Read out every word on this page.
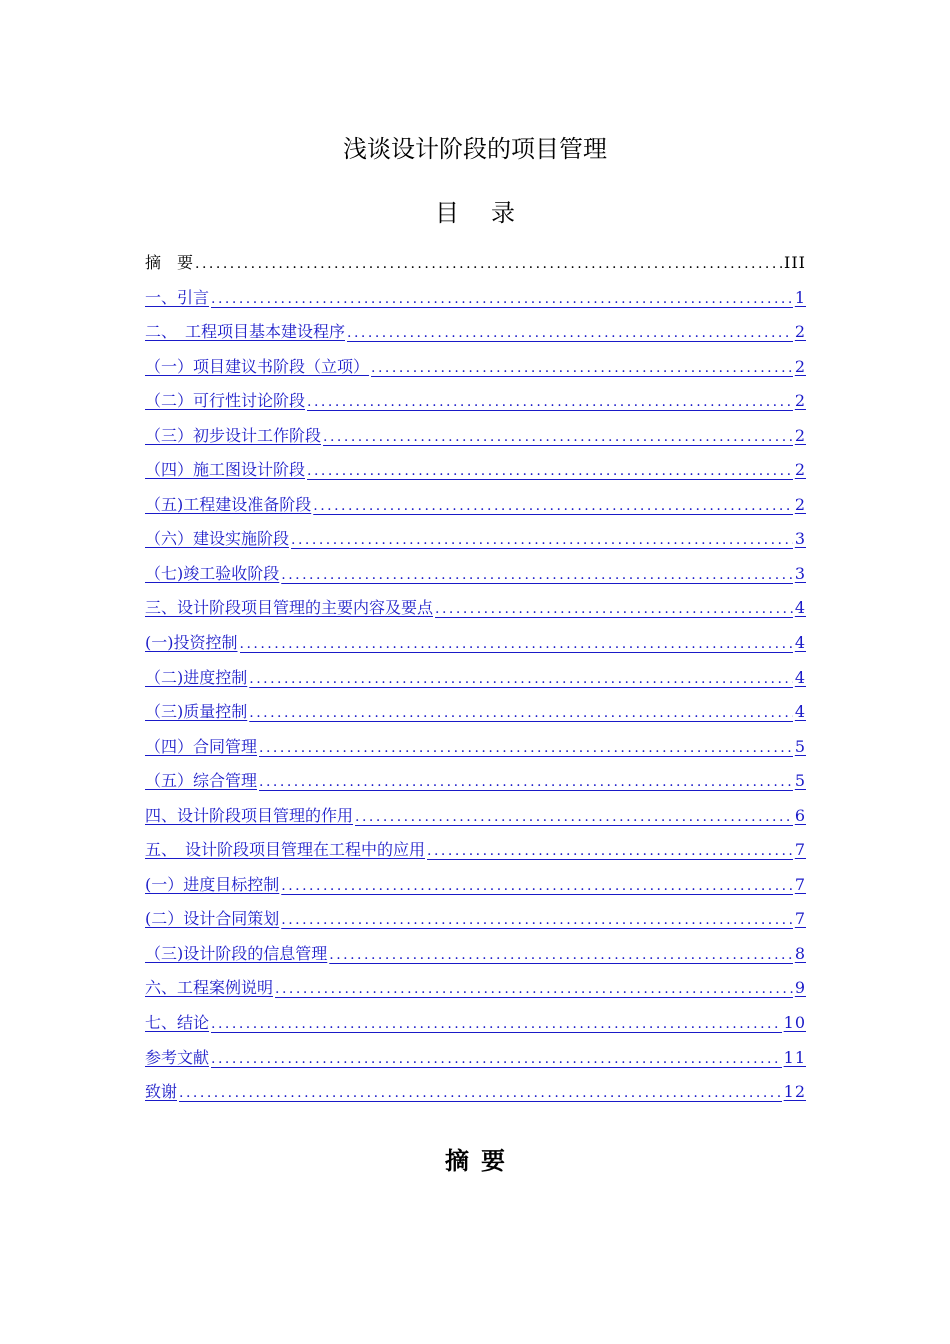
浅谈设计阶段的项目管理
目录
摘　要 .....	III
一、引言 .....	1
二、　工程项目基本建设程序 .....	2
（一）项目建议书阶段（立项） .....	2
（二）可行性讨论阶段 .....	2
（三）初步设计工作阶段 .....	2
（四）施工图设计阶段 .....	2
（五)工程建设准备阶段 .....	2
（六）建设实施阶段 .....	3
（七)竣工验收阶段 .....	3
三、设计阶段项目管理的主要内容及要点 .....	4
(一)投资控制 .....	4
（二)进度控制 .....	4
（三)质量控制 .....	4
（四）合同管理 .....	5
（五）综合管理 .....	5
四、设计阶段项目管理的作用 .....	6
五、　设计阶段项目管理在工程中的应用 .....	7
(一）进度目标控制 .....	7
(二）设计合同策划 .....	7
（三)设计阶段的信息管理 .....	8
六、工程案例说明 .....	9
七、结论 .....	10
参考文献 .....	11
致谢 .....	12
摘要
